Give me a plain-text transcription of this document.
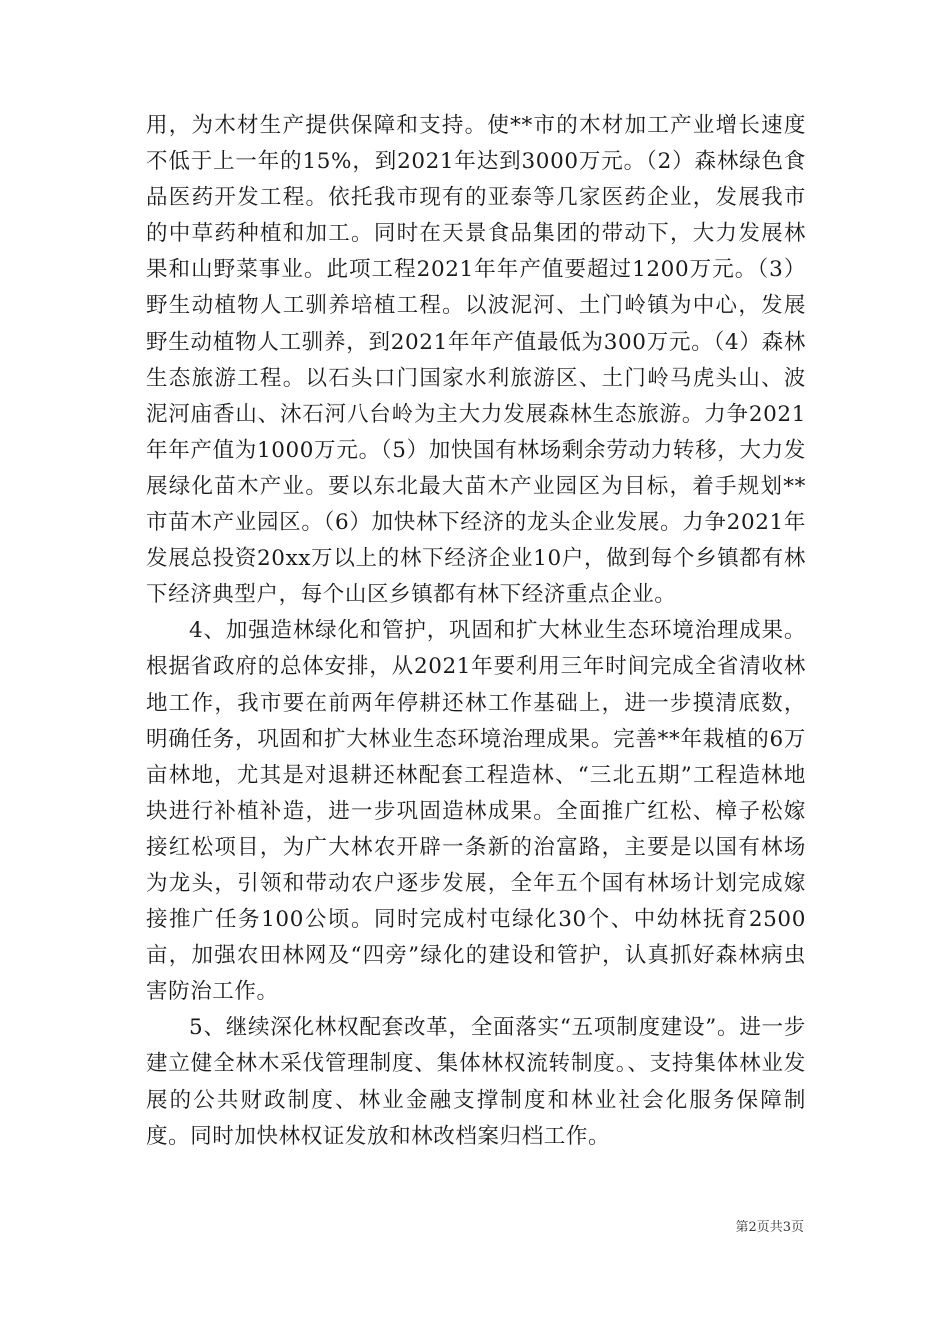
用，为木材生产提供保障和支持。使**市的木材加工产业增长速度不低于上一年的15%，到2021年达到3000万元。（2）森林绿色食品医药开发工程。依托我市现有的亚泰等几家医药企业，发展我市的中草药种植和加工。同时在天景食品集团的带动下，大力发展林果和山野菜事业。此项工程2021年年产值要超过1200万元。（3）野生动植物人工驯养培植工程。以波泥河、土门岭镇为中心，发展野生动植物人工驯养，到2021年年产值最低为300万元。（4）森林生态旅游工程。以石头口门国家水利旅游区、土门岭马虎头山、波泥河庙香山、沐石河八台岭为主大力发展森林生态旅游。力争2021年年产值为1000万元。（5）加快国有林场剩余劳动力转移，大力发展绿化苗木产业。要以东北最大苗木产业园区为目标，着手规划**市苗木产业园区。（6）加快林下经济的龙头企业发展。力争2021年发展总投资20xx万以上的林下经济企业10户，做到每个乡镇都有林下经济典型户，每个山区乡镇都有林下经济重点企业。

4、加强造林绿化和管护，巩固和扩大林业生态环境治理成果。根据省政府的总体安排，从2021年要利用三年时间完成全省清收林地工作，我市要在前两年停耕还林工作基础上，进一步摸清底数，明确任务，巩固和扩大林业生态环境治理成果。完善**年栽植的6万亩林地，尤其是对退耕还林配套工程造林、“三北五期”工程造林地块进行补植补造，进一步巩固造林成果。全面推广红松、樟子松嫁接红松项目，为广大林农开辟一条新的治富路，主要是以国有林场为龙头，引领和带动农户逐步发展，全年五个国有林场计划完成嫁接推广任务100公顷。同时完成村屯绿化30个、中幼林抚育2500亩，加强农田林网及“四旁”绿化的建设和管护，认真抓好森林病虫害防治工作。

5、继续深化林权配套改革，全面落实“五项制度建设”。进一步建立健全林木采伐管理制度、集体林权流转制度。、支持集体林业发展的公共财政制度、林业金融支撑制度和林业社会化服务保障制度。同时加快林权证发放和林改档案归档工作。

第2页共3页
